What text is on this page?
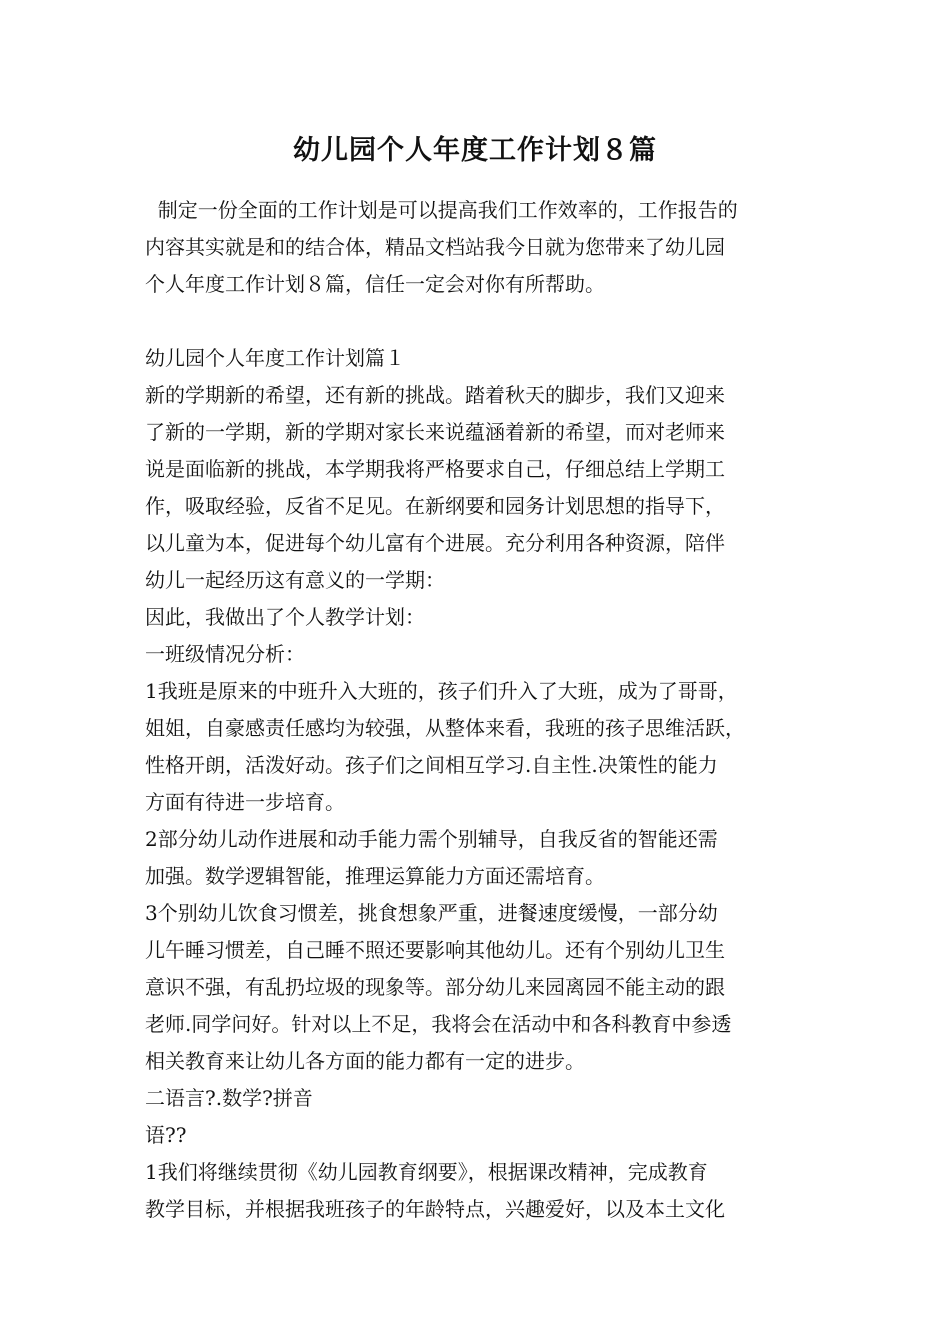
幼儿园个人年度工作计划８篇

制定一份全面的工作计划是可以提高我们工作效率的，工作报告的

内容其实就是和的结合体，精品文档站我今日就为您带来了幼儿园

个人年度工作计划８篇，信任一定会对你有所帮助。

幼儿园个人年度工作计划篇１

新的学期新的希望，还有新的挑战。踏着秋天的脚步，我们又迎来

了新的一学期，新的学期对家长来说蕴涵着新的希望，而对老师来

说是面临新的挑战，本学期我将严格要求自己，仔细总结上学期工

作，吸取经验，反省不足见。在新纲要和园务计划思想的指导下，

以儿童为本，促进每个幼儿富有个进展。充分利用各种资源，陪伴

幼儿一起经历这有意义的一学期：

因此，我做出了个人教学计划：

一班级情况分析：

1我班是原来的中班升入大班的，孩子们升入了大班，成为了哥哥，

姐姐，自豪感责任感均为较强，从整体来看，我班的孩子思维活跃，

性格开朗，活泼好动。孩子们之间相互学习.自主性.决策性的能力

方面有待进一步培育。

2部分幼儿动作进展和动手能力需个别辅导，自我反省的智能还需

加强。数学逻辑智能，推理运算能力方面还需培育。

3个别幼儿饮食习惯差，挑食想象严重，进餐速度缓慢，一部分幼

儿午睡习惯差，自己睡不照还要影响其他幼儿。还有个别幼儿卫生

意识不强，有乱扔垃圾的现象等。部分幼儿来园离园不能主动的跟

老师.同学问好。针对以上不足，我将会在活动中和各科教育中参透

相关教育来让幼儿各方面的能力都有一定的进步。

二语言?.数学?拼音

语??

1我们将继续贯彻《幼儿园教育纲要》，根据课改精神，完成教育

教学目标，并根据我班孩子的年龄特点，兴趣爱好，以及本土文化
